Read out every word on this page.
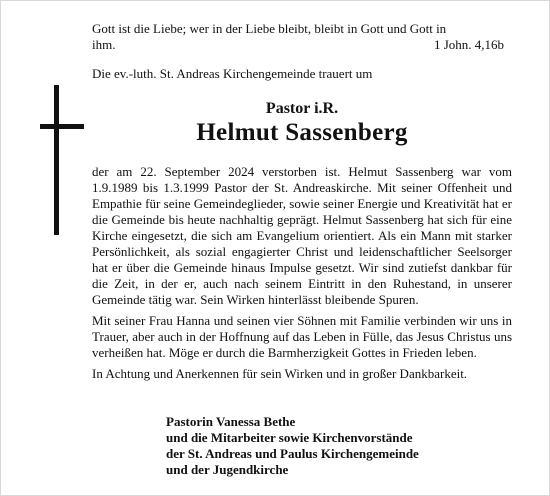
Gott ist die Liebe; wer in der Liebe bleibt, bleibt in Gott und Gott in
ihm.	1 John. 4,16b
Die ev.-luth. St. Andreas Kirchengemeinde trauert um
Pastor i.R.
Helmut Sassenberg

der am 22. September 2024 verstorben ist. Helmut Sassenberg war vom 1.9.1989 bis 1.3.1999 Pastor der St. Andreaskirche. Mit seiner Offenheit und Empathie für seine Gemeindeglieder, sowie seiner Energie und Kreativität hat er die Gemeinde bis heute nachhaltig geprägt. Helmut Sassenberg hat sich für eine Kirche eingesetzt, die sich am Evangelium orientiert. Als ein Mann mit starker Persönlichkeit, als sozial engagierter Christ und leidenschaftlicher Seelsorger hat er über die Gemeinde hinaus Impulse gesetzt. Wir sind zutiefst dankbar für die Zeit, in der er, auch nach seinem Eintritt in den Ruhestand, in unserer Gemeinde tätig war. Sein Wirken hinterlässt bleibende Spuren.

Mit seiner Frau Hanna und seinen vier Söhnen mit Familie verbinden wir uns in Trauer, aber auch in der Hoffnung auf das Leben in Fülle, das Jesus Christus uns verheißen hat. Möge er durch die Barmherzigkeit Gottes in Frieden leben.

In Achtung und Anerkennen für sein Wirken und in großer Dankbarkeit.

Pastorin Vanessa Bethe
und die Mitarbeiter sowie Kirchenvorstände
der St. Andreas und Paulus Kirchengemeinde
und der Jugendkirche
